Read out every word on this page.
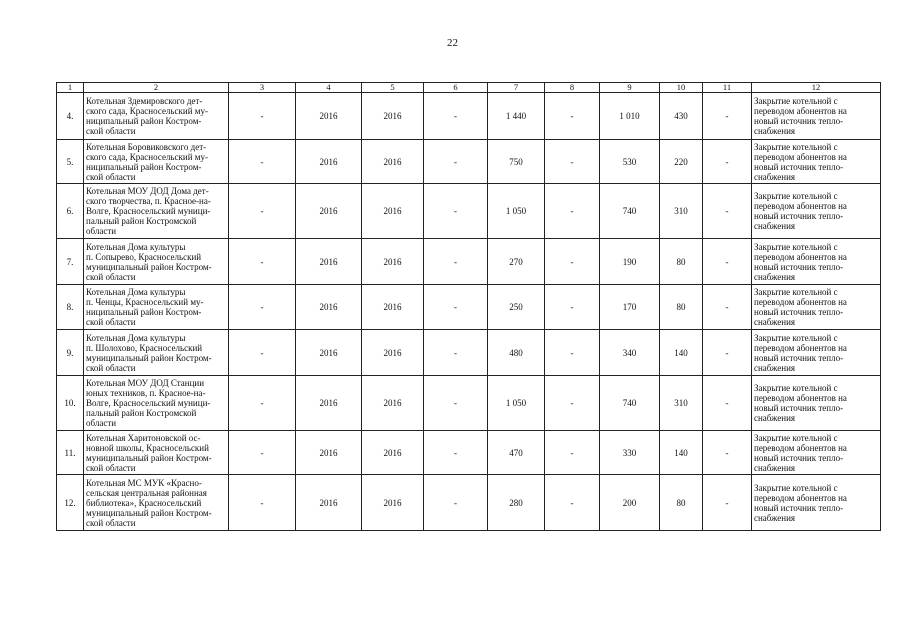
22
1	2	3	4	5	6	7	8	9	10	11	12
4.	Котельная Здемировского дет-
ского сада, Красносельский му-
ниципальный район Костром-
ской области	-	2016	2016	-	1 440	-	1 010	430	-	Закрытие котельной с
переводом абонентов на
новый источник тепло-
снабжения

5.	Котельная Боровиковского дет-
ского сада, Красносельский му-
ниципальный район Костром-
ской области	-	2016	2016	-	750	-	530	220	-	Закрытие котельной с
переводом абонентов на
новый источник тепло-
снабжения

6.	Котельная МОУ ДОД Дома дет-
ского творчества, п. Красное-на-
Волге, Красносельский муници-
пальный район Костромской
области	-	2016	2016	-	1 050	-	740	310	-	Закрытие котельной с
переводом абонентов на
новый источник тепло-
снабжения

7.	Котельная Дома культуры
п. Сопырево, Красносельский
муниципальный район Костром-
ской области	-	2016	2016	-	270	-	190	80	-	Закрытие котельной с
переводом абонентов на
новый источник тепло-
снабжения

8.	Котельная Дома культуры
п. Ченцы, Красносельский му-
ниципальный район Костром-
ской области	-	2016	2016	-	250	-	170	80	-	Закрытие котельной с
переводом абонентов на
новый источник тепло-
снабжения

9.	Котельная Дома культуры
п. Шолохово, Красносельский
муниципальный район Костром-
ской области	-	2016	2016	-	480	-	340	140	-	Закрытие котельной с
переводом абонентов на
новый источник тепло-
снабжения

10.	Котельная МОУ ДОД Станции
юных техников, п. Красное-на-
Волге, Красносельский муници-
пальный район Костромской
области	-	2016	2016	-	1 050	-	740	310	-	Закрытие котельной с
переводом абонентов на
новый источник тепло-
снабжения

11.	Котельная Харитоновской ос-
новной школы, Красносельский
муниципальный район Костром-
ской области	-	2016	2016	-	470	-	330	140	-	Закрытие котельной с
переводом абонентов на
новый источник тепло-
снабжения

12.	Котельная МС МУК «Красно-
сельская центральная районная
библиотека», Красносельский
муниципальный район Костром-
ской области	-	2016	2016	-	280	-	200	80	-	Закрытие котельной с
переводом абонентов на
новый источник тепло-
снабжения
